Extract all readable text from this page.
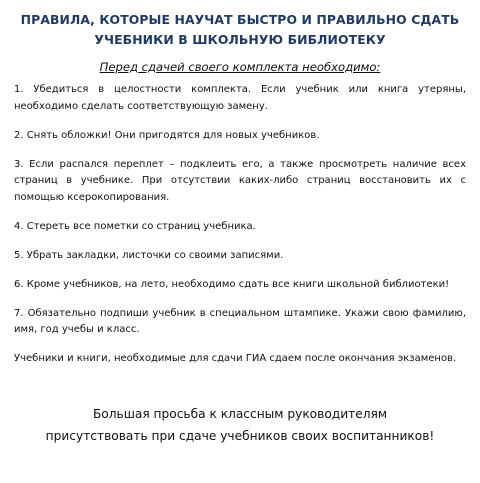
ПРАВИЛА, КОТОРЫЕ НАУЧАТ БЫСТРО И ПРАВИЛЬНО СДАТЬ
УЧЕБНИКИ В ШКОЛЬНУЮ БИБЛИОТЕКУ
Перед сдачей своего комплекта необходимо:
1. Убедиться в целостности комплекта. Если учебник или книга утеряны, необходимо сделать соответствующую замену.
2. Снять обложки! Они пригодятся для новых учебников.
3. Если распался переплет – подклеить его, а также просмотреть наличие всех страниц в учебнике. При отсутствии каких-либо страниц восстановить их с помощью ксерокопирования.
4. Стереть все пометки со страниц учебника.
5. Убрать закладки, листочки со своими записями.
6. Кроме учебников, на лето, необходимо сдать все книги школьной библиотеки!
7. Обязательно подпиши учебник в специальном штампике. Укажи свою фамилию, имя, год учебы и класс.
Учебники и книги, необходимые для сдачи ГИА сдаем после окончания экзаменов.
Большая просьба к классным руководителям
присутствовать при сдаче учебников своих воспитанников!
